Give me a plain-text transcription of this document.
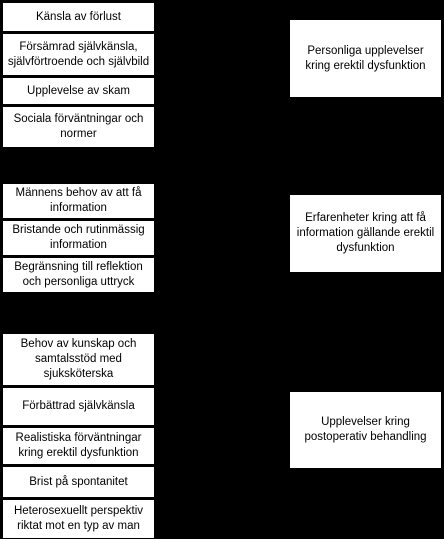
Känsla av förlust
Försämrad självkänsla, självförtroende och självbild
Upplevelse av skam
Sociala förväntningar och normer
Personliga upplevelser kring erektil dysfunktion
Männens behov av att få information
Bristande och rutinmässig information
Begränsning till reflektion och personliga uttryck
Erfarenheter kring att få information gällande erektil dysfunktion
Behov av kunskap och samtalsstöd med sjuksköterska
Förbättrad självkänsla
Realistiska förväntningar kring erektil dysfunktion
Brist på spontanitet
Heterosexuellt perspektiv riktat mot en typ av man
Upplevelser kring postoperativ behandling
